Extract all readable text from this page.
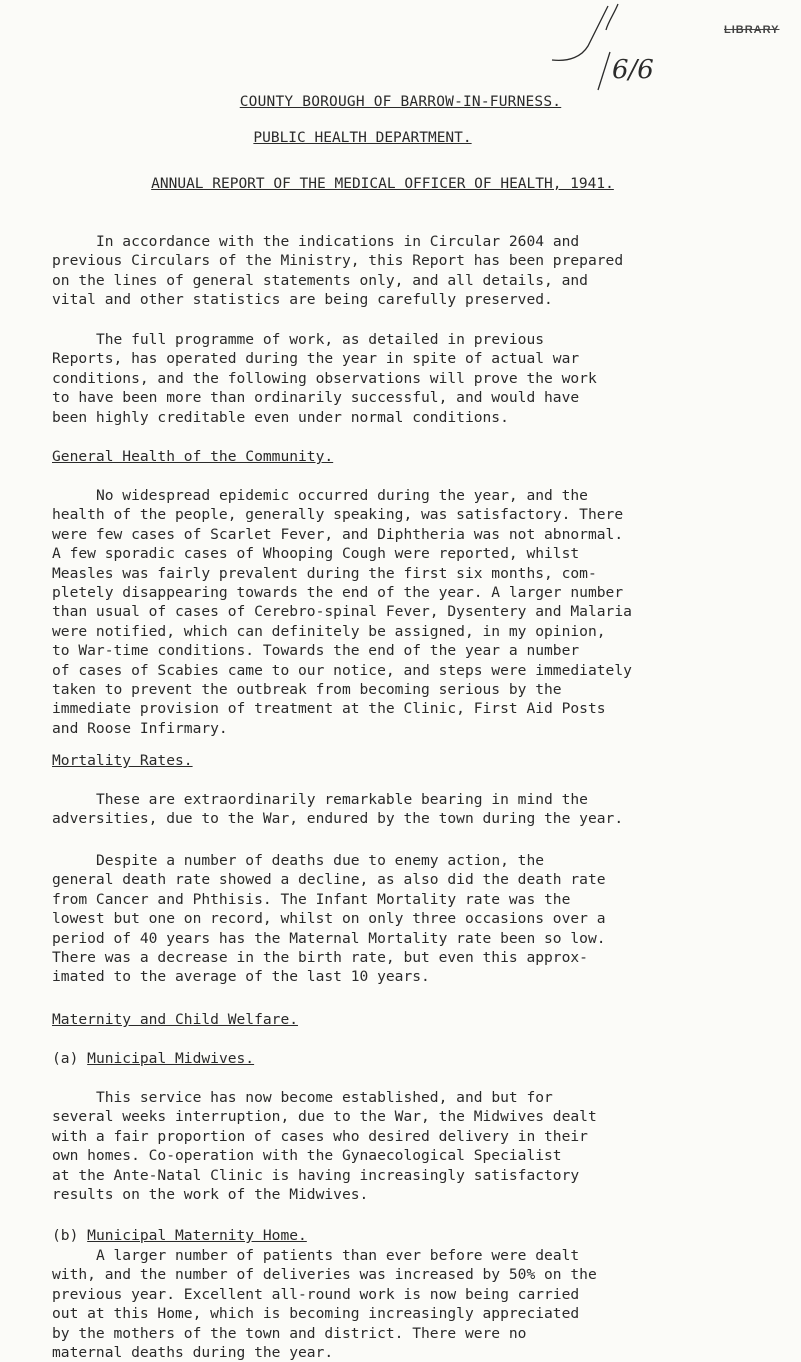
6/6
LIBRARY
COUNTY BOROUGH OF BARROW-IN-FURNESS.
PUBLIC HEALTH DEPARTMENT.
ANNUAL REPORT OF THE MEDICAL OFFICER OF HEALTH, 1941.

In accordance with the indications in Circular 2604 and
previous Circulars of the Ministry, this Report has been prepared
on the lines of general statements only, and all details, and
vital and other statistics are being carefully preserved.

The full programme of work, as detailed in previous
Reports, has operated during the year in spite of actual war
conditions, and the following observations will prove the work
to have been more than ordinarily successful, and would have
been highly creditable even under normal conditions.

General Health of the Community.

No widespread epidemic occurred during the year, and the
health of the people, generally speaking, was satisfactory. There
were few cases of Scarlet Fever, and Diphtheria was not abnormal.
A few sporadic cases of Whooping Cough were reported, whilst
Measles was fairly prevalent during the first six months, com-
pletely disappearing towards the end of the year. A larger number
than usual of cases of Cerebro-spinal Fever, Dysentery and Malaria
were notified, which can definitely be assigned, in my opinion,
to War-time conditions. Towards the end of the year a number
of cases of Scabies came to our notice, and steps were immediately
taken to prevent the outbreak from becoming serious by the
immediate provision of treatment at the Clinic, First Aid Posts
and Roose Infirmary.

Mortality Rates.

These are extraordinarily remarkable bearing in mind the
adversities, due to the War, endured by the town during the year.

Despite a number of deaths due to enemy action, the
general death rate showed a decline, as also did the death rate
from Cancer and Phthisis. The Infant Mortality rate was the
lowest but one on record, whilst on only three occasions over a
period of 40 years has the Maternal Mortality rate been so low.
There was a decrease in the birth rate, but even this approx-
imated to the average of the last 10 years.

Maternity and Child Welfare.
(a) Municipal Midwives.

This service has now become established, and but for
several weeks interruption, due to the War, the Midwives dealt
with a fair proportion of cases who desired delivery in their
own homes. Co-operation with the Gynaecological Specialist
at the Ante-Natal Clinic is having increasingly satisfactory
results on the work of the Midwives.

(b) Municipal Maternity Home.

A larger number of patients than ever before were dealt
with, and the number of deliveries was increased by 50% on the
previous year. Excellent all-round work is now being carried
out at this Home, which is becoming increasingly appreciated
by the mothers of the town and district. There were no
maternal deaths during the year.
